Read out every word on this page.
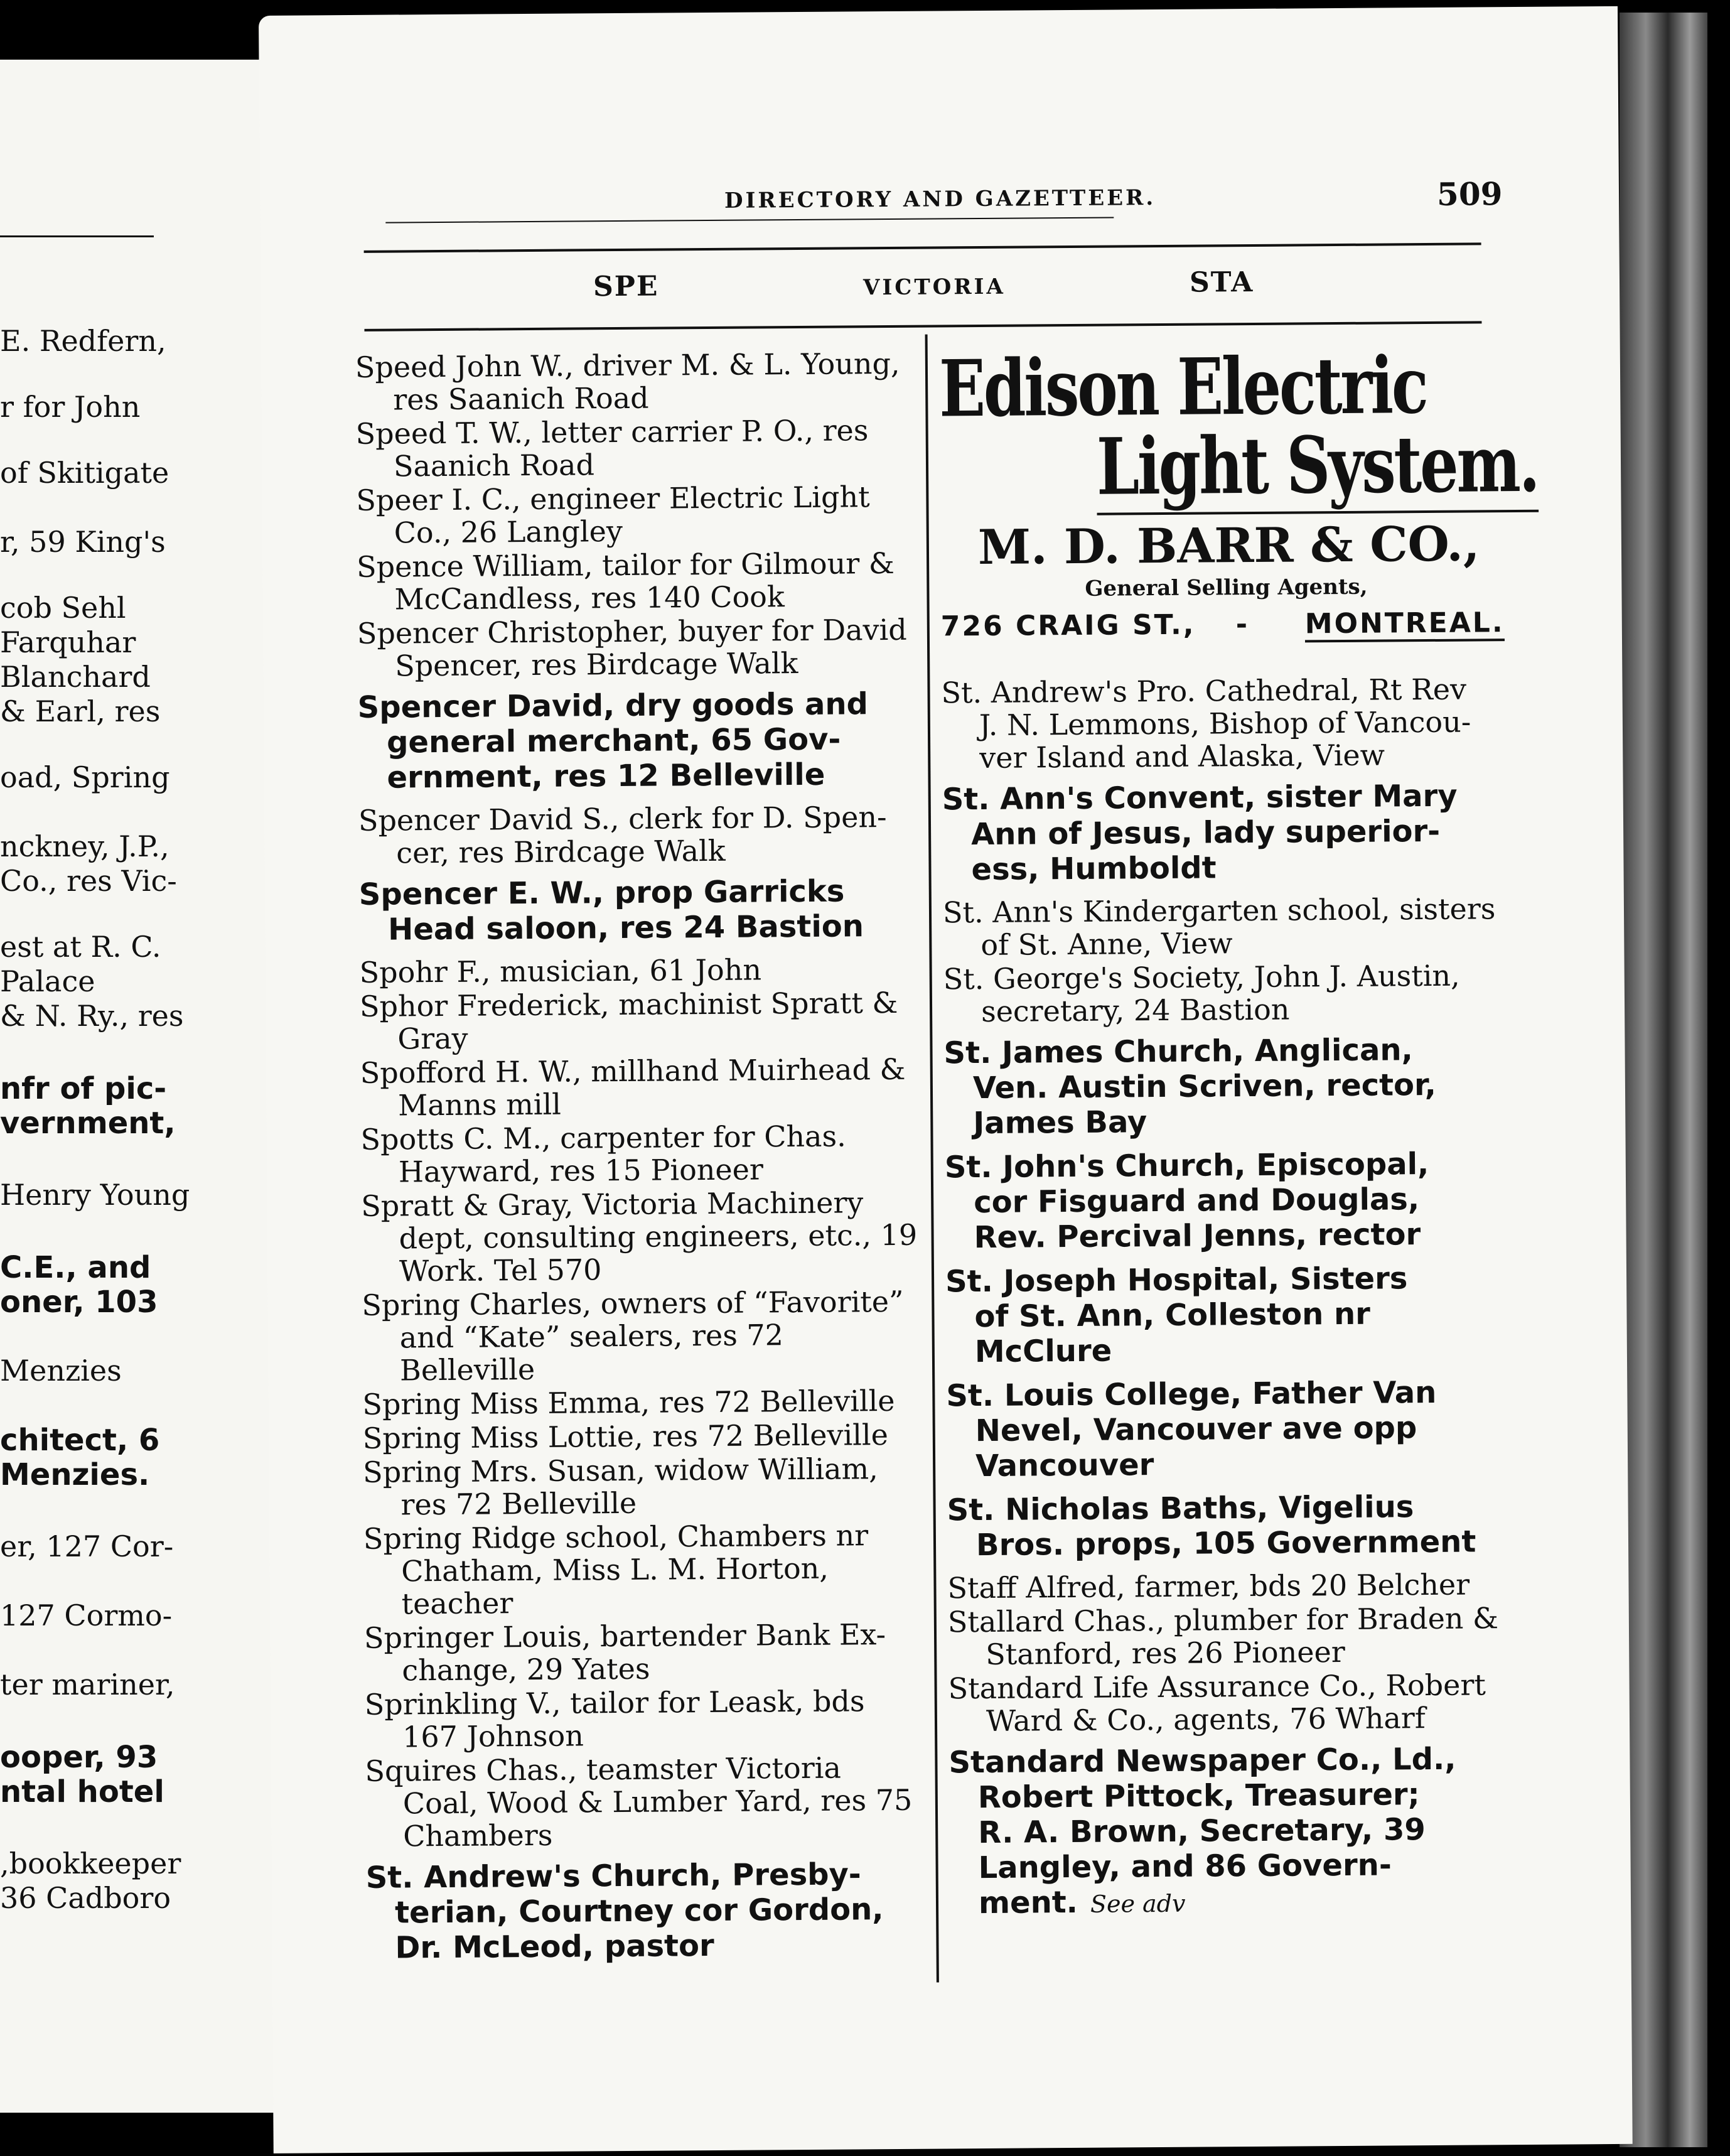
E. Redfern,
r for John
of Skitigate
r, 59 King's
cob Sehl
Farquhar
Blanchard
& Earl, res
oad, Spring
nckney, J.P.,
Co., res Vic-
est at R. C.
Palace
& N. Ry., res
nfr of pic-
vernment,
Henry Young
C.E., and
oner, 103
Menzies
chitect, 6
Menzies.
er, 127 Cor-
127 Cormo-
ter mariner,
ooper, 93
ntal hotel
,bookkeeper
36 Cadboro
DIRECTORY AND GAZETTEER.	509
SPE	VICTORIA	STA
Speed John W., driver M. & L. Young,
res Saanich Road
Speed T. W., letter carrier P. O., res
Saanich Road
Speer I. C., engineer Electric Light
Co., 26 Langley
Spence William, tailor for Gilmour &
McCandless, res 140 Cook
Spencer Christopher, buyer for David
Spencer, res Birdcage Walk
Spencer David, dry goods and
general merchant, 65 Gov-
ernment, res 12 Belleville
Spencer David S., clerk for D. Spen-
cer, res Birdcage Walk
Spencer E. W., prop Garricks
Head saloon, res 24 Bastion
Spohr F., musician, 61 John
Sphor Frederick, machinist Spratt &
Gray
Spofford H. W., millhand Muirhead &
Manns mill
Spotts C. M., carpenter for Chas.
Hayward, res 15 Pioneer
Spratt & Gray, Victoria Machinery
dept, consulting engineers, etc., 19
Work. Tel 570
Spring Charles, owners of “Favorite”
and “Kate” sealers, res 72 Belleville
Spring Miss Emma, res 72 Belleville
Spring Miss Lottie, res 72 Belleville
Spring Mrs. Susan, widow William,
res 72 Belleville
Spring Ridge school, Chambers nr
Chatham, Miss L. M. Horton, teacher
Springer Louis, bartender Bank Ex-
change, 29 Yates
Sprinkling V., tailor for Leask, bds
167 Johnson
Squires Chas., teamster Victoria
Coal, Wood & Lumber Yard, res 75
Chambers
St. Andrew's Church, Presby-
terian, Courtney cor Gordon,
Dr. McLeod, pastor
Edison Electric
Light System.
M. D. BARR & CO.,
General Selling Agents,
726 CRAIG ST., - MONTREAL.
St. Andrew's Pro. Cathedral, Rt Rev
J. N. Lemmons, Bishop of Vancou-
ver Island and Alaska, View
St. Ann's Convent, sister Mary
Ann of Jesus, lady superior-
ess, Humboldt
St. Ann's Kindergarten school, sisters
of St. Anne, View
St. George's Society, John J. Austin,
secretary, 24 Bastion
St. James Church, Anglican,
Ven. Austin Scriven, rector,
James Bay
St. John's Church, Episcopal,
cor Fisguard and Douglas,
Rev. Percival Jenns, rector
St. Joseph Hospital, Sisters
of St. Ann, Colleston nr
McClure
St. Louis College, Father Van
Nevel, Vancouver ave opp
Vancouver
St. Nicholas Baths, Vigelius
Bros. props, 105 Government
Staff Alfred, farmer, bds 20 Belcher
Stallard Chas., plumber for Braden &
Stanford, res 26 Pioneer
Standard Life Assurance Co., Robert
Ward & Co., agents, 76 Wharf
Standard Newspaper Co., Ld.,
Robert Pittock, Treasurer;
R. A. Brown, Secretary, 39
Langley, and 86 Govern-
ment. See adv
